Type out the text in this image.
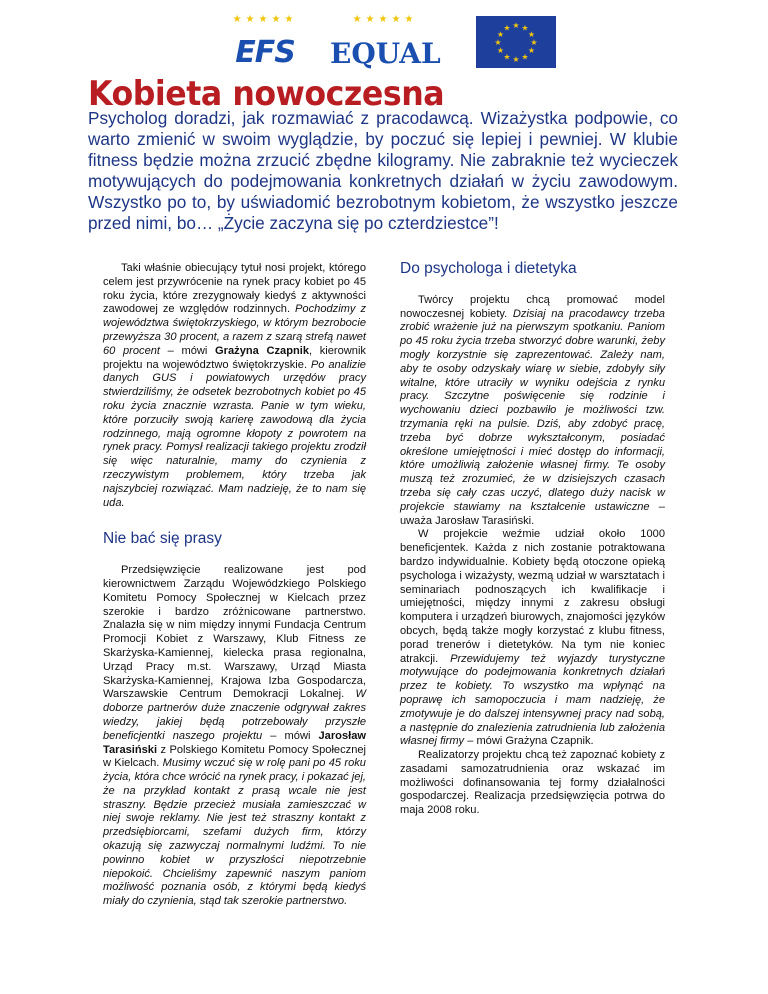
★★★★★
EFS
★★★★★
EQUAL
★ ★
★
★
★
★
★
★
★
★
★
★
Kobieta nowoczesna

Psycholog doradzi, jak rozmawiać z pracodawcą. Wizażystka podpowie, co warto zmienić w swoim wyglądzie, by poczuć się lepiej i pewniej. W klubie fitness będzie można zrzucić zbędne kilogramy. Nie zabraknie też wycieczek motywujących do podejmowania konkretnych działań w życiu zawodowym. Wszystko po to, by uświadomić bezrobotnym kobietom, że wszystko jeszcze przed nimi, bo… „Życie zaczyna się po czterdziestce”!

Taki właśnie obiecujący tytuł nosi projekt, którego celem jest przywrócenie na rynek pracy kobiet po 45 roku życia, które zrezygnowały kiedyś z aktywności zawodowej ze względów rodzinnych. Pochodzimy z województwa świętokrzyskiego, w którym bezrobocie przewyższa 30 procent, a razem z szarą strefą nawet 60 procent – mówi Grażyna Czapnik, kierownik projektu na województwo świętokrzyskie. Po analizie danych GUS i powiatowych urzędów pracy stwierdziliśmy, że odsetek bezrobotnych kobiet po 45 roku życia znacznie wzrasta. Panie w tym wieku, które porzuciły swoją karierę zawodową dla życia rodzinnego, mają ogromne kłopoty z powrotem na rynek pracy. Pomysł realizacji takiego projektu zrodził się więc naturalnie, mamy do czynienia z rzeczywistym problemem, który trzeba jak najszybciej rozwiązać. Mam nadzieję, że to nam się uda.

Nie bać się prasy

Przedsięwzięcie realizowane jest pod kierownictwem Zarządu Wojewódzkiego Polskiego Komitetu Pomocy Społecznej w Kielcach przez szerokie i bardzo zróżnicowane partnerstwo. Znalazła się w nim między innymi Fundacja Centrum Promocji Kobiet z Warszawy, Klub Fitness ze Skarżyska-Kamiennej, kielecka prasa regionalna, Urząd Pracy m.st. Warszawy, Urząd Miasta Skarżyska-Kamiennej, Krajowa Izba Gospodarcza, Warszawskie Centrum Demokracji Lokalnej. W doborze partnerów duże znaczenie odgrywał zakres wiedzy, jakiej będą potrzebowały przyszłe beneficjentki naszego projektu – mówi Jarosław Tarasiński z Polskiego Komitetu Pomocy Społecznej w Kielcach. Musimy wczuć się w rolę pani po 45 roku życia, która chce wrócić na rynek pracy, i pokazać jej, że na przykład kontakt z prasą wcale nie jest straszny. Będzie przecież musiała zamieszczać w niej swoje reklamy. Nie jest też straszny kontakt z przedsiębiorcami, szefami dużych firm, którzy okazują się zazwyczaj normalnymi ludźmi. To nie powinno kobiet w przyszłości niepotrzebnie niepokoić. Chcieliśmy zapewnić naszym paniom możliwość poznania osób, z którymi będą kiedyś miały do czynienia, stąd tak szerokie partnerstwo.

Do psychologa i dietetyka

Twórcy projektu chcą promować model nowoczesnej kobiety. Dzisiaj na pracodawcy trzeba zrobić wrażenie już na pierwszym spotkaniu. Paniom po 45 roku życia trzeba stworzyć dobre warunki, żeby mogły korzystnie się zaprezentować. Zależy nam, aby te osoby odzyskały wiarę w siebie, zdobyły siły witalne, które utraciły w wyniku odejścia z rynku pracy. Szczytne poświęcenie się rodzinie i wychowaniu dzieci pozbawiło je możliwości tzw. trzymania ręki na pulsie. Dziś, aby zdobyć pracę, trzeba być dobrze wykształconym, posiadać określone umiejętności i mieć dostęp do informacji, które umożliwią założenie własnej firmy. Te osoby muszą też zrozumieć, że w dzisiejszych czasach trzeba się cały czas uczyć, dlatego duży nacisk w projekcie stawiamy na kształcenie ustawiczne – uważa Jarosław Tarasiński.

W projekcie weźmie udział około 1000 beneficjentek. Każda z nich zostanie potraktowana bardzo indywidualnie. Kobiety będą otoczone opieką psychologa i wizażysty, wezmą udział w warsztatach i seminariach podnoszących ich kwalifikacje i umiejętności, między innymi z zakresu obsługi komputera i urządzeń biurowych, znajomości języków obcych, będą także mogły korzystać z klubu fitness, porad trenerów i dietetyków. Na tym nie koniec atrakcji. Przewidujemy też wyjazdy turystyczne motywujące do podejmowania konkretnych działań przez te kobiety. To wszystko ma wpłynąć na poprawę ich samopoczucia i mam nadzieję, że zmotywuje je do dalszej intensywnej pracy nad sobą, a następnie do znalezienia zatrudnienia lub założenia własnej firmy – mówi Grażyna Czapnik.

Realizatorzy projektu chcą też zapoznać kobiety z zasadami samozatrudnienia oraz wskazać im możliwości dofinansowania tej formy działalności gospodarczej. Realizacja przedsięwzięcia potrwa do maja 2008 roku.
